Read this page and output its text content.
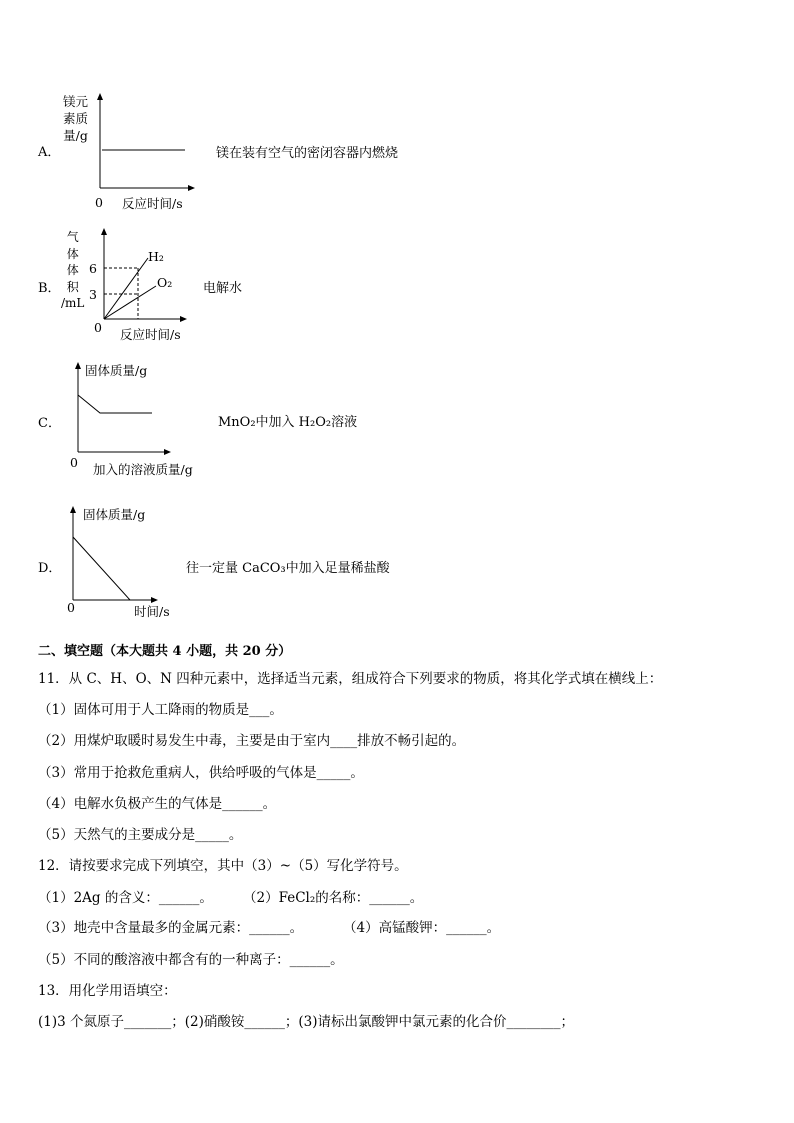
A．
镁元
素质
量/g
0 反应时间/s
镁在装有空气的密闭容器内燃烧
B．
气
体
体
积
/mL
6
3
0 反应时间/s
H₂
O₂ 电解水
C．
固体质量/g
0 加入的溶液质量/g
MnO₂中加入 H₂O₂溶液
D．
固体质量/g
0	时间/s
往一定量 CaCO₃中加入足量稀盐酸
二、填空题（本大题共 4 小题，共 20 分）
11．从 C、H、O、N 四种元素中，选择适当元素，组成符合下列要求的物质，将其化学式填在横线上：
（1）固体可用于人工降雨的物质是___。
（2）用煤炉取暖时易发生中毒，主要是由于室内____排放不畅引起的。
（3）常用于抢救危重病人，供给呼吸的气体是_____。
（4）电解水负极产生的气体是______。
（5）天然气的主要成分是_____。
12．请按要求完成下列填空，其中（3）~（5）写化学符号。
（1）2Ag 的含义：______。 （2）FeCl₂的名称：______。
（3）地壳中含量最多的金属元素：______。	（4）高锰酸钾：______。
（5）不同的酸溶液中都含有的一种离子：______。
13．用化学用语填空：
(1)3 个氮原子_______；(2)硝酸铵______；(3)请标出氯酸钾中氯元素的化合价________；
